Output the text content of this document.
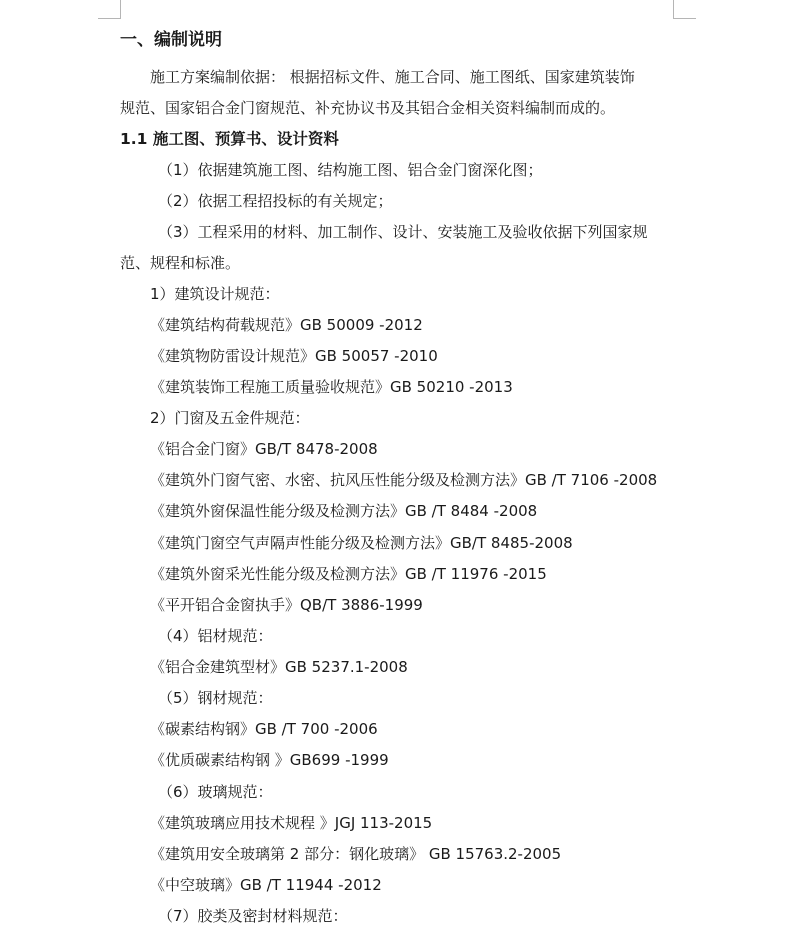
一、编制说明
施工方案编制依据： 根据招标文件、施工合同、施工图纸、国家建筑装饰
规范、国家铝合金门窗规范、补充协议书及其铝合金相关资料编制而成的。
1.1 施工图、预算书、设计资料
（1）依据建筑施工图、结构施工图、铝合金门窗深化图；
（2）依据工程招投标的有关规定；
（3）工程采用的材料、加工制作、设计、安装施工及验收依据下列国家规
范、规程和标准。
1）建筑设计规范：
《建筑结构荷载规范》GB 50009 -2012
《建筑物防雷设计规范》GB 50057 -2010
《建筑装饰工程施工质量验收规范》GB 50210 -2013
2）门窗及五金件规范：
《铝合金门窗》GB/T 8478-2008
《建筑外门窗气密、水密、抗风压性能分级及检测方法》GB /T 7106 -2008
《建筑外窗保温性能分级及检测方法》GB /T 8484 -2008
《建筑门窗空气声隔声性能分级及检测方法》GB/T 8485-2008
《建筑外窗采光性能分级及检测方法》GB /T 11976 -2015
《平开铝合金窗执手》QB/T 3886-1999
（4）铝材规范：
《铝合金建筑型材》GB 5237.1-2008
（5）钢材规范：
《碳素结构钢》GB /T 700 -2006
《优质碳素结构钢 》GB699 -1999
（6）玻璃规范：
《建筑玻璃应用技术规程 》JGJ 113-2015
《建筑用安全玻璃第 2 部分：钢化玻璃》 GB 15763.2-2005
《中空玻璃》GB /T 11944 -2012
（7）胶类及密封材料规范：
